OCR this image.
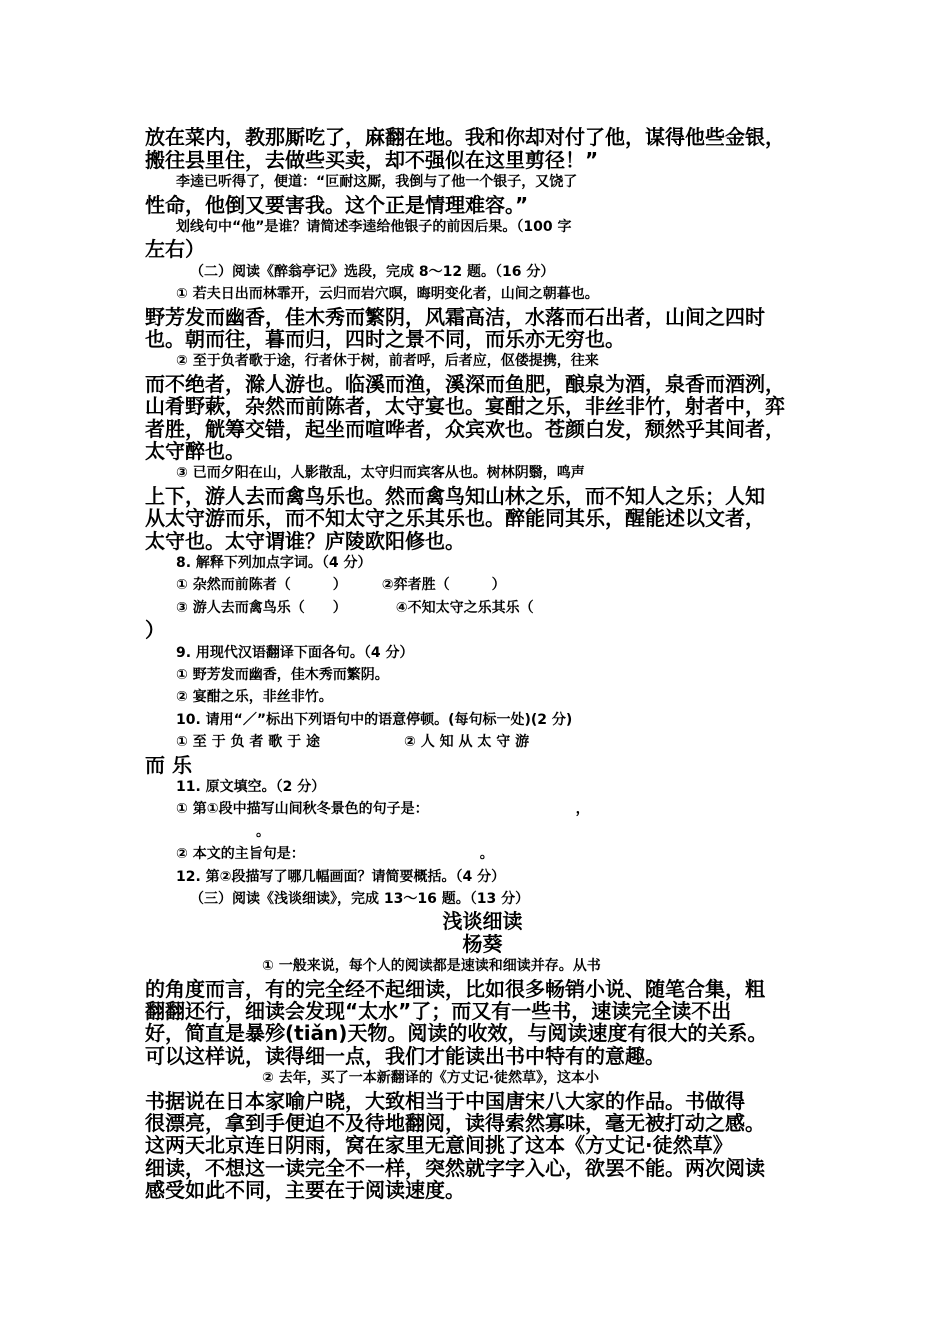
放在菜内，教那厮吃了，麻翻在地。我和你却对付了他，谋得他些金银，
搬往县里住，去做些买卖，却不强似在这里剪径！”
李逵已听得了，便道：“叵耐这厮，我倒与了他一个银子，又饶了
性命，他倒又要害我。这个正是情理难容。”
划线句中“他”是谁？请简述李逵给他银子的前因后果。（100 字
左右）
（二）阅读《醉翁亭记》选段，完成 8～12 题。（16 分）
① 若夫日出而林霏开，云归而岩穴暝，晦明变化者，山间之朝暮也。
野芳发而幽香，佳木秀而繁阴，风霜高洁，水落而石出者，山间之四时
也。朝而往，暮而归，四时之景不同，而乐亦无穷也。
② 至于负者歌于途，行者休于树，前者呼，后者应，伛偻提携，往来
而不绝者，滁人游也。临溪而渔，溪深而鱼肥，酿泉为酒，泉香而酒洌，
山肴野蔌，杂然而前陈者，太守宴也。宴酣之乐，非丝非竹，射者中，弈
者胜，觥筹交错，起坐而喧哗者，众宾欢也。苍颜白发，颓然乎其间者，
太守醉也。
③ 已而夕阳在山，人影散乱，太守归而宾客从也。树林阴翳，鸣声
上下，游人去而禽鸟乐也。然而禽鸟知山林之乐，而不知人之乐；人知
从太守游而乐，而不知太守之乐其乐也。醉能同其乐，醒能述以文者，
太守也。太守谓谁？庐陵欧阳修也。
8. 解释下列加点字词。（4 分）
① 杂然而前陈者（　　　）　　　②弈者胜（　　　）
③ 游人去而禽鸟乐（　　）　　　　④不知太守之乐其乐（
）
9. 用现代汉语翻译下面各句。（4 分）
① 野芳发而幽香，佳木秀而繁阴。
② 宴酣之乐，非丝非竹。
10. 请用“／”标出下列语句中的语意停顿。(每句标一处)(2 分)
① 至 于 负 者 歌 于 途　　　　　　② 人 知 从 太 守 游
而 乐
11. 原文填空。（2 分）
① 第①段中描写山间秋冬景色的句子是：　　　　　　　　　　　，
。
② 本文的主旨句是：　　　　　　　　　　　　　。
12. 第②段描写了哪几幅画面？请简要概括。（4 分）
（三）阅读《浅谈细读》，完成 13～16 题。（13 分）
浅谈细读
杨葵
① 一般来说，每个人的阅读都是速读和细读并存。从书
的角度而言，有的完全经不起细读，比如很多畅销小说、随笔合集，粗
翻翻还行，细读会发现“太水”了；而又有一些书，速读完全读不出
好，简直是暴殄(tiǎn)天物。阅读的收效，与阅读速度有很大的关系。
可以这样说，读得细一点，我们才能读出书中特有的意趣。
② 去年，买了一本新翻译的《方丈记·徒然草》，这本小
书据说在日本家喻户晓，大致相当于中国唐宋八大家的作品。书做得
很漂亮，拿到手便迫不及待地翻阅，读得索然寡味，毫无被打动之感。
这两天北京连日阴雨，窝在家里无意间挑了这本《方丈记·徒然草》
细读，不想这一读完全不一样，突然就字字入心，欲罢不能。两次阅读
感受如此不同，主要在于阅读速度。
